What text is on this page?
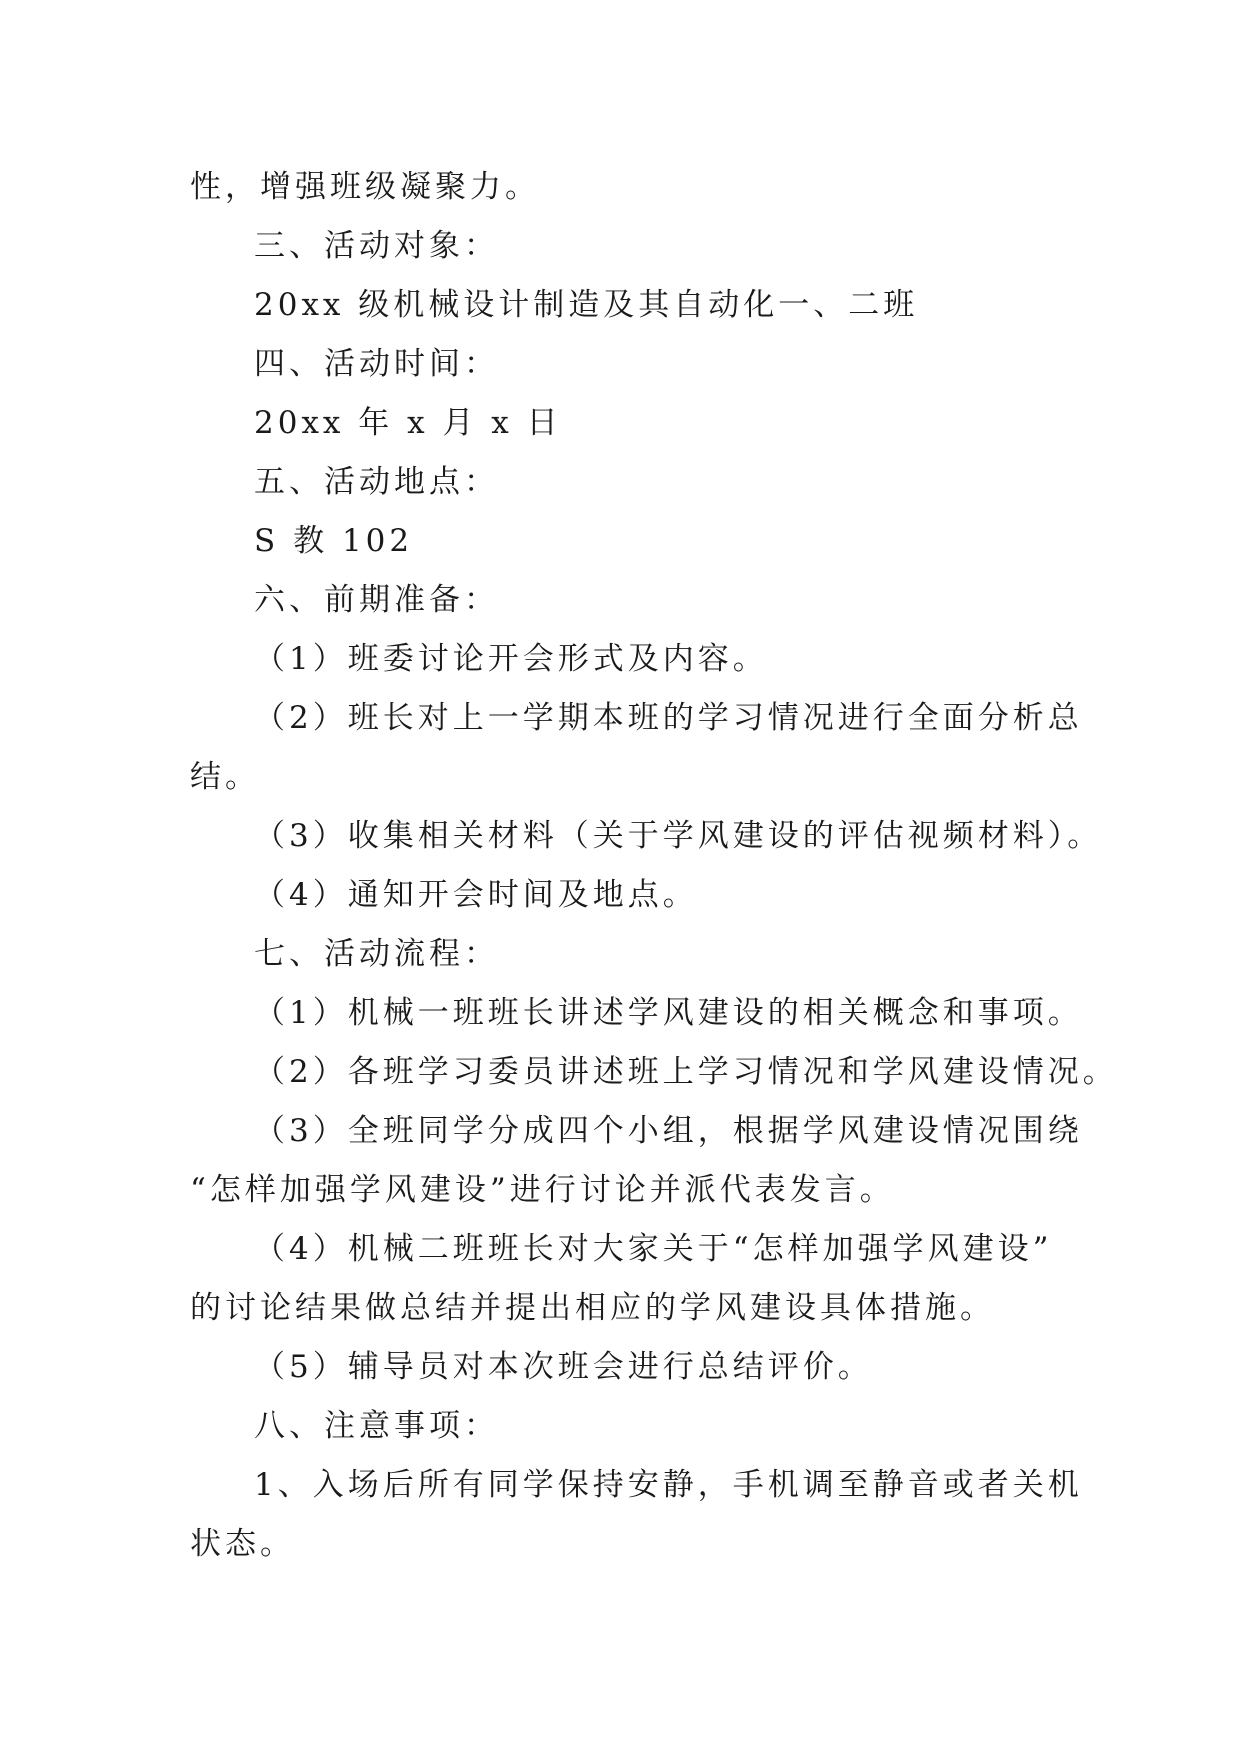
性，增强班级凝聚力。
三、活动对象：
20xx 级机械设计制造及其自动化一、二班
四、活动时间：
20xx 年 x 月 x 日
五、活动地点：
S 教 102
六、前期准备：
（1）班委讨论开会形式及内容。
（2）班长对上一学期本班的学习情况进行全面分析总
结。
（3）收集相关材料（关于学风建设的评估视频材料）。
（4）通知开会时间及地点。
七、活动流程：
（1）机械一班班长讲述学风建设的相关概念和事项。
（2）各班学习委员讲述班上学习情况和学风建设情况。
（3）全班同学分成四个小组，根据学风建设情况围绕
“怎样加强学风建设”进行讨论并派代表发言。
（4）机械二班班长对大家关于“怎样加强学风建设”
的讨论结果做总结并提出相应的学风建设具体措施。
（5）辅导员对本次班会进行总结评价。
八、注意事项：
1、入场后所有同学保持安静，手机调至静音或者关机
状态。
